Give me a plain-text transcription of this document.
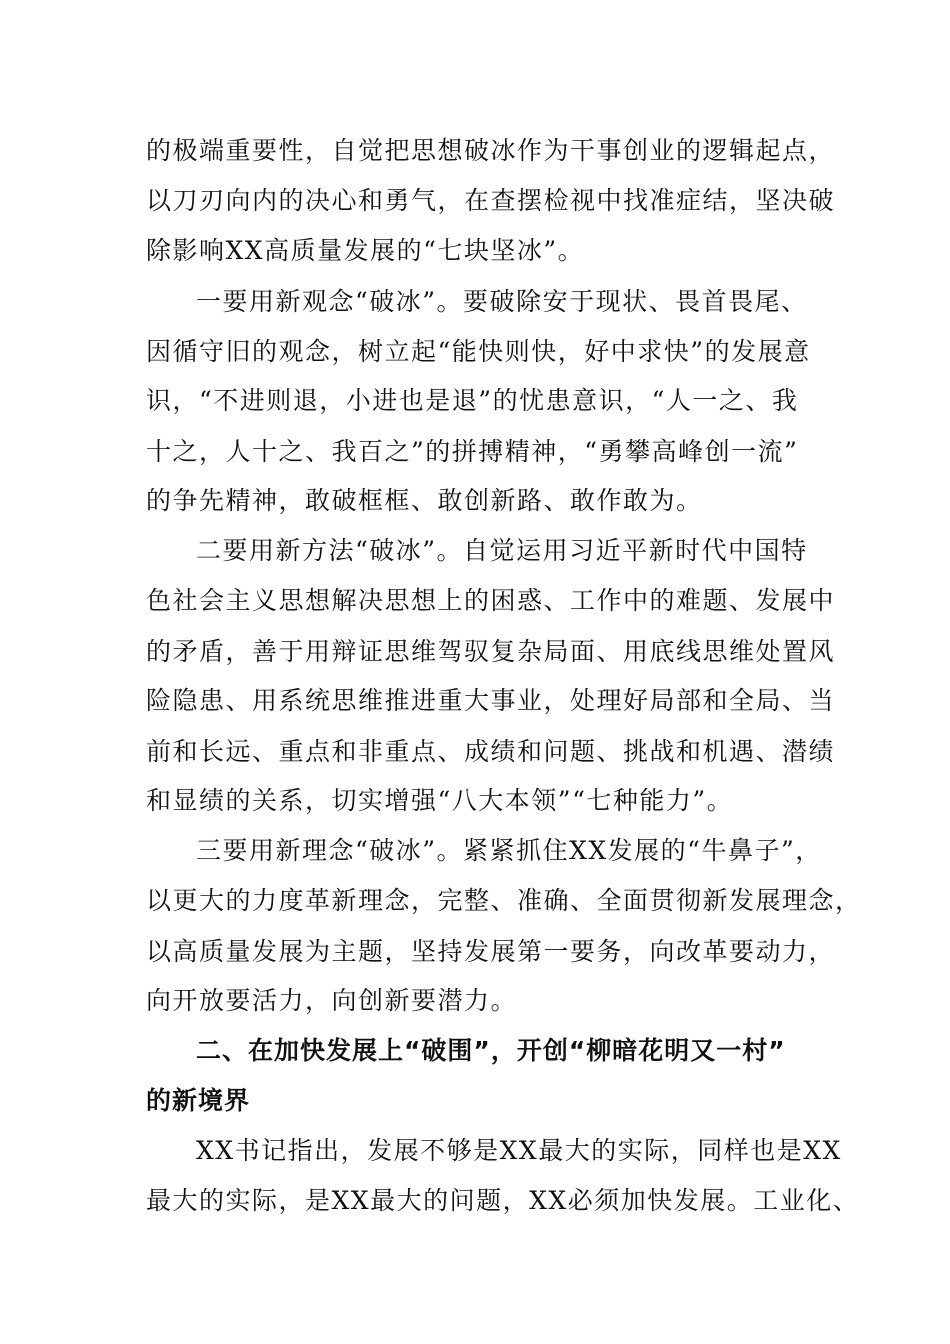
的极端重要性，自觉把思想破冰作为干事创业的逻辑起点，
以刀刃向内的决心和勇气，在查摆检视中找准症结，坚决破
除影响XX高质量发展的“七块坚冰”。
一要用新观念“破冰”。要破除安于现状、畏首畏尾、
因循守旧的观念，树立起“能快则快，好中求快”的发展意
识，“不进则退，小进也是退”的忧患意识，“人一之、我
十之，人十之、我百之”的拼搏精神，“勇攀高峰创一流”
的争先精神，敢破框框、敢创新路、敢作敢为。
二要用新方法“破冰”。自觉运用习近平新时代中国特
色社会主义思想解决思想上的困惑、工作中的难题、发展中
的矛盾，善于用辩证思维驾驭复杂局面、用底线思维处置风
险隐患、用系统思维推进重大事业，处理好局部和全局、当
前和长远、重点和非重点、成绩和问题、挑战和机遇、潜绩
和显绩的关系，切实增强“八大本领”“七种能力”。
三要用新理念“破冰”。紧紧抓住XX发展的“牛鼻子”，
以更大的力度革新理念，完整、准确、全面贯彻新发展理念，
以高质量发展为主题，坚持发展第一要务，向改革要动力，
向开放要活力，向创新要潜力。
二、在加快发展上“破围”，开创“柳暗花明又一村”
的新境界
XX书记指出，发展不够是XX最大的实际，同样也是XX
最大的实际，是XX最大的问题，XX必须加快发展。工业化、
